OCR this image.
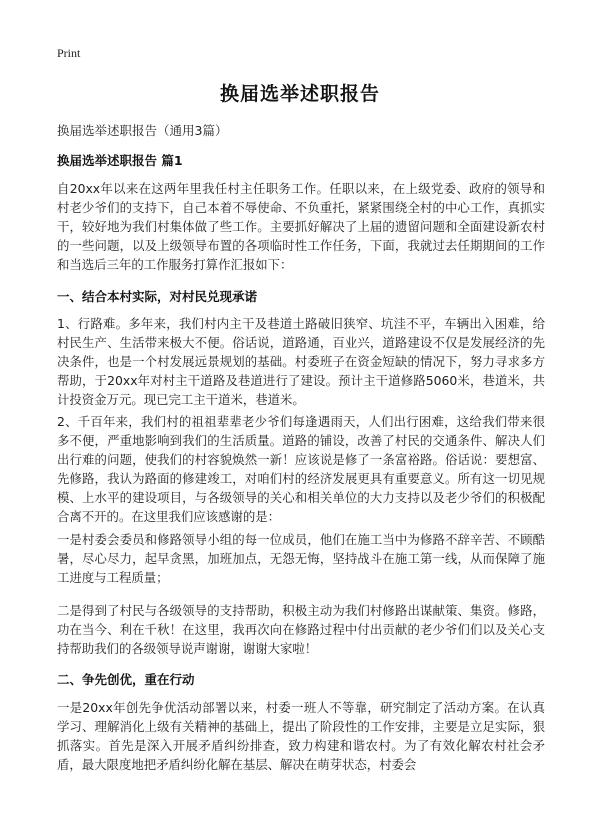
Print
换届选举述职报告
换届选举述职报告（通用3篇）
换届选举述职报告 篇1

自20xx年以来在这两年里我任村主任职务工作。任职以来，在上级党委、政府的领导和村老少爷们的支持下，自己本着不辱使命、不负重托，紧紧围绕全村的中心工作，真抓实干，较好地为我们村集体做了些工作。主要抓好解决了上届的遗留问题和全面建设新农村的一些问题，以及上级领导布置的各项临时性工作任务，下面，我就过去任期期间的工作和当选后三年的工作服务打算作汇报如下：

一、结合本村实际，对村民兑现承诺

1、行路难。多年来，我们村内主干及巷道土路破旧狭窄、坑洼不平，车辆出入困难，给村民生产、生活带来极大不便。俗话说，道路通，百业兴，道路建设不仅是发展经济的先决条件，也是一个村发展远景规划的基础。村委班子在资金短缺的情况下，努力寻求多方帮助，于20xx年对村主干道路及巷道进行了建设。预计主干道修路5060米，巷道米，共计投资金万元。现已完工主干道米，巷道米。

2、千百年来，我们村的祖祖辈辈老少爷们每逢遇雨天，人们出行困难，这给我们带来很多不便，严重地影响到我们的生活质量。道路的铺设，改善了村民的交通条件、解决人们出行难的问题，使我们的村容貌焕然一新！应该说是修了一条富裕路。俗话说：要想富、先修路，我认为路面的修建竣工，对咱们村的经济发展更具有重要意义。所有这一切见规模、上水平的建设项目，与各级领导的关心和相关单位的大力支持以及老少爷们的积极配合离不开的。在这里我们应该感谢的是：

一是村委会委员和修路领导小组的每一位成员，他们在施工当中为修路不辞辛苦、不顾酷暑，尽心尽力，起早贪黑，加班加点，无怨无悔，坚持战斗在施工第一线，从而保障了施工进度与工程质量；

二是得到了村民与各级领导的支持帮助，积极主动为我们村修路出谋献策、集资。修路，功在当今、利在千秋！在这里，我再次向在修路过程中付出贡献的老少爷们们以及关心支持帮助我们的各级领导说声谢谢，谢谢大家啦！

二、争先创优，重在行动

一是20xx年创先争优活动部署以来，村委一班人不等靠，研究制定了活动方案。在认真学习、理解消化上级有关精神的基础上，提出了阶段性的工作安排，主要是立足实际，狠抓落实。首先是深入开展矛盾纠纷排查，致力构建和谐农村。为了有效化解农村社会矛盾，最大限度地把矛盾纠纷化解在基层、解决在萌芽状态，村委会
